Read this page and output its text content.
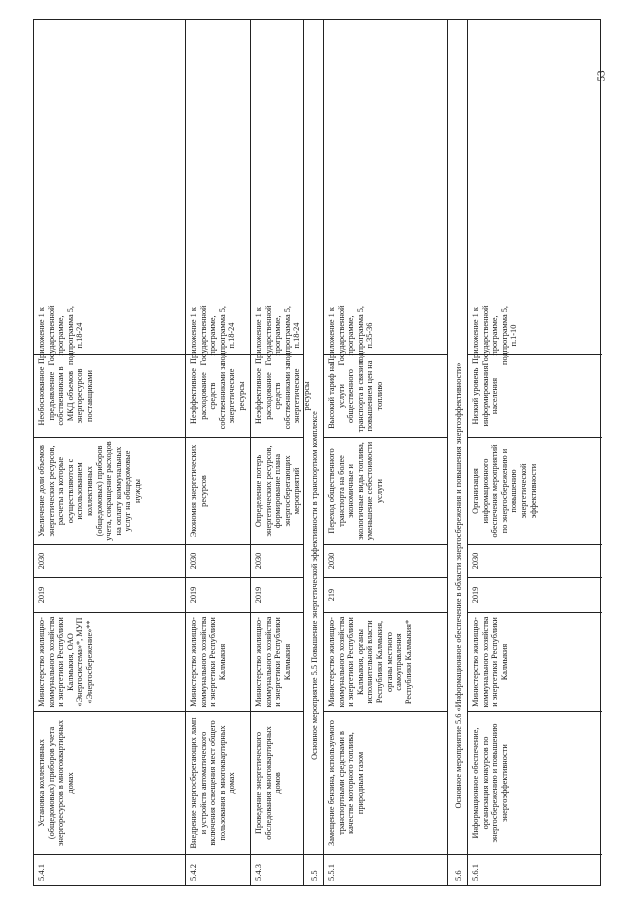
53
5.4.1
Установка коллективных (общедомовых) приборов учета энергоресурсов в многоквартирных домах
Министерство жилищно-коммунального хозяйства и энергетики Республики Калмыкия, ОАО «Энергосистема»*, МУП «Энергосбережение»**
2019
2030
Увеличение доли объемов энергетических ресурсов, расчеты за которые осуществляются с использованием коллективных (общедомовых) приборов учета, сокращение расходов на оплату коммунальных услуг на общедомовые нужды
Необоснованное предъявление собственникам в МКД объемов энергоресурсов поставщиками
Приложение 1 к Государственной программе, подпрограмма 5, п.18-24
5.4.2
Внедрение энергосберегающих ламп и устройств автоматического включения освещения мест общего пользования в многоквартирных домах
Министерство жилищно-коммунального хозяйства и энергетики Республики Калмыкия
2019
2030
Экономия энергетических ресурсов
Неэффективное расходование средств собственниками за энергетические ресурсы
Приложение 1 к Государственной программе, подпрограмма 5, п.18-24
5.4.3
Проведение энергетического обследования многоквартирных домов
Министерство жилищно-коммунального хозяйства и энергетики Республики Калмыкия
2019
2030
Определение потерь энергетических ресурсов, формирование плана энергосберегающих мероприятий
Неэффективное расходование средств собственниками за энергетические ресурсы
Приложение 1 к Государственной программе, подпрограмма 5, п.18-24
5.5
Основное мероприятие 5.5 Повышение энергетической эффективности в транспортном комплексе
5.5.1
Замещение бензина, используемого транспортными средствами в качестве моторного топлива, природным газом
Министерство жилищно-коммунального хозяйства и энергетики Республики Калмыкия, органы исполнительной власти Республики Калмыкия, органы местного самоуправления Республики Калмыкия*
219
2030
Переход общественного транспорта на более экономичные и экологичные виды топлива, уменьшение себестоимости услуги
Высокий тариф на услуги общественного транспорта в связи с повышением цен на топливо
Приложение 1 к Государственной программе, подпрограмма 5, п.35-36
5.6
Основное мероприятие 5.6 «Информационное обеспечение в области энергосбережения и повышения энергоэффективности»
5.6.1
Информационное обеспечение, организация конкурсов по энергосбережению и повышению энергоэффективности
Министерство жилищно-коммунального хозяйства и энергетики Республики Калмыкия
2019
2030
Организация информационного обеспечения мероприятий по энергосбережению и повышению энергетической эффективности
Низкий уровень информирования населения
Приложение 1 к Государственной программе, подпрограмма 5, п.1-10
